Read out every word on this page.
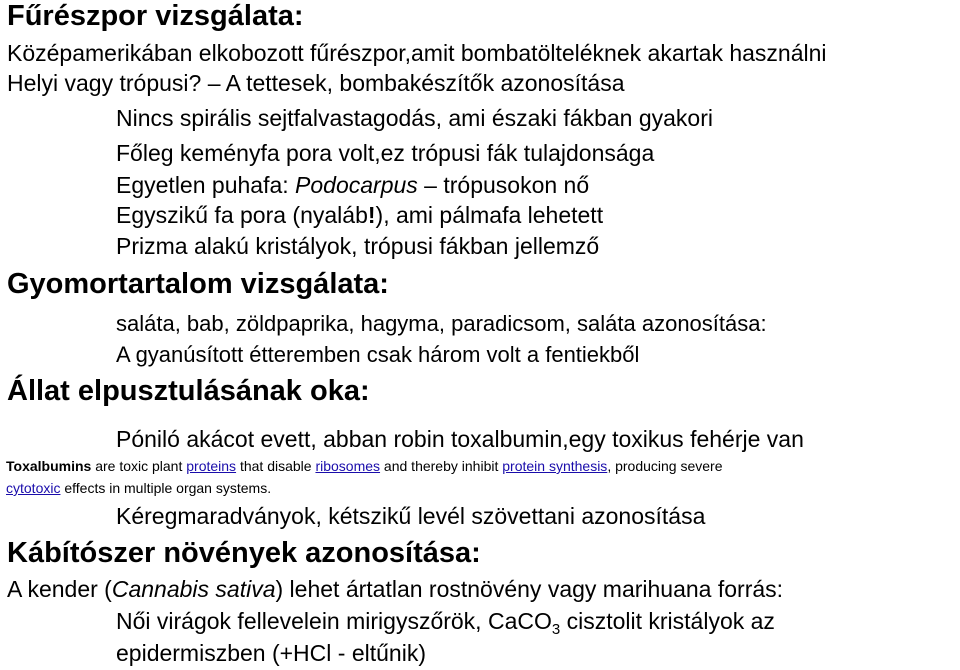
Fűrészpor vizsgálata:
Középamerikában elkobozott fűrészpor,amit bombatölteléknek akartak használni
Helyi vagy trópusi? – A tettesek, bombakészítők azonosítása
Nincs spirális sejtfalvastagodás, ami északi fákban gyakori
Főleg keményfa pora volt,ez trópusi fák tulajdonsága
Egyetlen puhafa: Podocarpus – trópusokon nő
Egyszikű fa pora (nyaláb!), ami pálmafa lehetett
Prizma alakú kristályok, trópusi fákban jellemző
Gyomortartalom vizsgálata:
saláta, bab, zöldpaprika, hagyma, paradicsom, saláta azonosítása:
A gyanúsított étteremben csak három volt a fentiekből
Állat elpusztulásának oka:
Póniló akácot evett, abban robin toxalbumin,egy toxikus fehérje van
Toxalbumins are toxic plant proteins that disable ribosomes and thereby inhibit protein synthesis, producing severe
cytotoxic effects in multiple organ systems.
Kéregmaradványok, kétszikű levél szövettani azonosítása
Kábítószer növények azonosítása:
A kender (Cannabis sativa) lehet ártatlan rostnövény vagy marihuana forrás:
Női virágok fellevelein mirigyszőrök, CaCO$_3$ cisztolit kristályok az
epidermiszben (+HCl - eltűnik)
